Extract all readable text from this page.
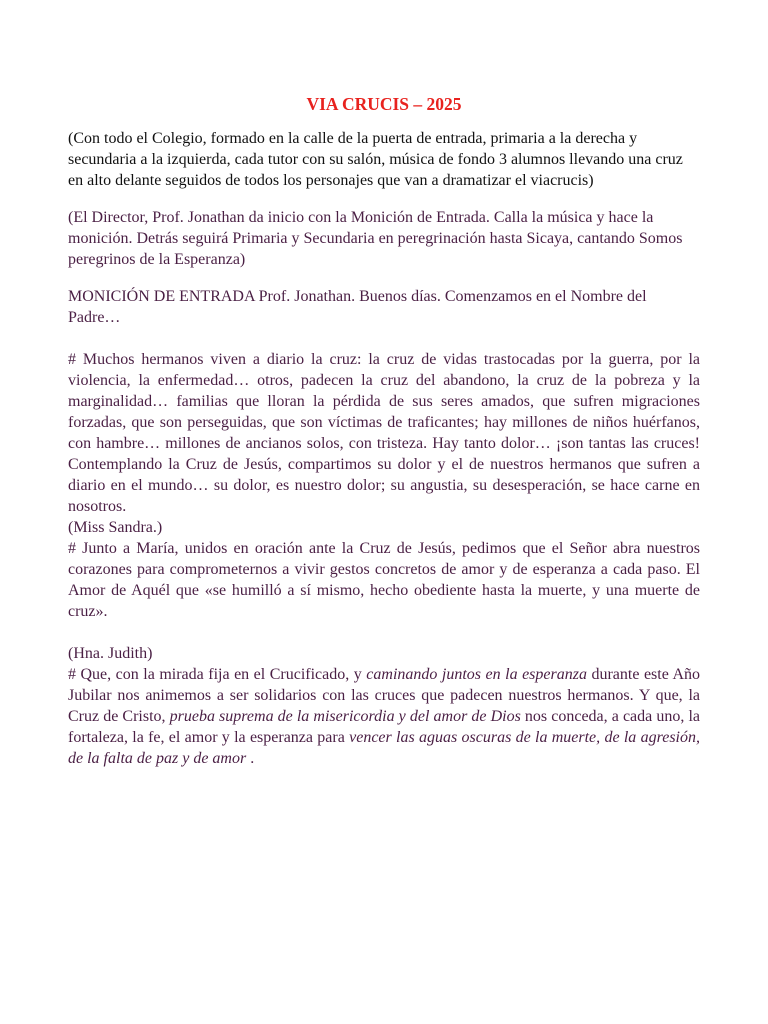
VIA CRUCIS – 2025

(Con todo el Colegio, formado en la calle de la puerta de entrada, primaria a la derecha y secundaria a la izquierda, cada tutor con su salón, música de fondo 3 alumnos llevando una cruz en alto delante seguidos de todos los personajes que van a dramatizar el viacrucis)

(El Director, Prof. Jonathan da inicio con la Monición de Entrada. Calla la música y hace la monición. Detrás seguirá Primaria y Secundaria en peregrinación hasta Sicaya, cantando Somos peregrinos de la Esperanza)

MONICIÓN DE ENTRADA Prof. Jonathan. Buenos días. Comenzamos en el Nombre del Padre…

# Muchos hermanos viven a diario la cruz: la cruz de vidas trastocadas por la guerra, por la violencia, la enfermedad… otros, padecen la cruz del abandono, la cruz de la pobreza y la marginalidad… familias que lloran la pérdida de sus seres amados, que sufren migraciones forzadas, que son perseguidas, que son víctimas de traficantes; hay millones de niños huérfanos, con hambre… millones de ancianos solos, con tristeza. Hay tanto dolor… ¡son tantas las cruces!

Contemplando la Cruz de Jesús, compartimos su dolor y el de nuestros hermanos que sufren a diario en el mundo… su dolor, es nuestro dolor; su angustia, su desesperación, se hace carne en nosotros.

(Miss Sandra.)

# Junto a María, unidos en oración ante la Cruz de Jesús, pedimos que el Señor abra nuestros corazones para comprometernos a vivir gestos concretos de amor y de esperanza a cada paso. El Amor de Aquél que «se humilló a sí mismo, hecho obediente hasta la muerte, y una muerte de cruz».

(Hna. Judith)

# Que, con la mirada fija en el Crucificado, y caminando juntos en la esperanza durante este Año Jubilar nos animemos a ser solidarios con las cruces que padecen nuestros hermanos. Y que, la Cruz de Cristo, prueba suprema de la misericordia y del amor de Dios nos conceda, a cada uno, la fortaleza, la fe, el amor y la esperanza para vencer las aguas oscuras de la muerte, de la agresión, de la falta de paz y de amor .
